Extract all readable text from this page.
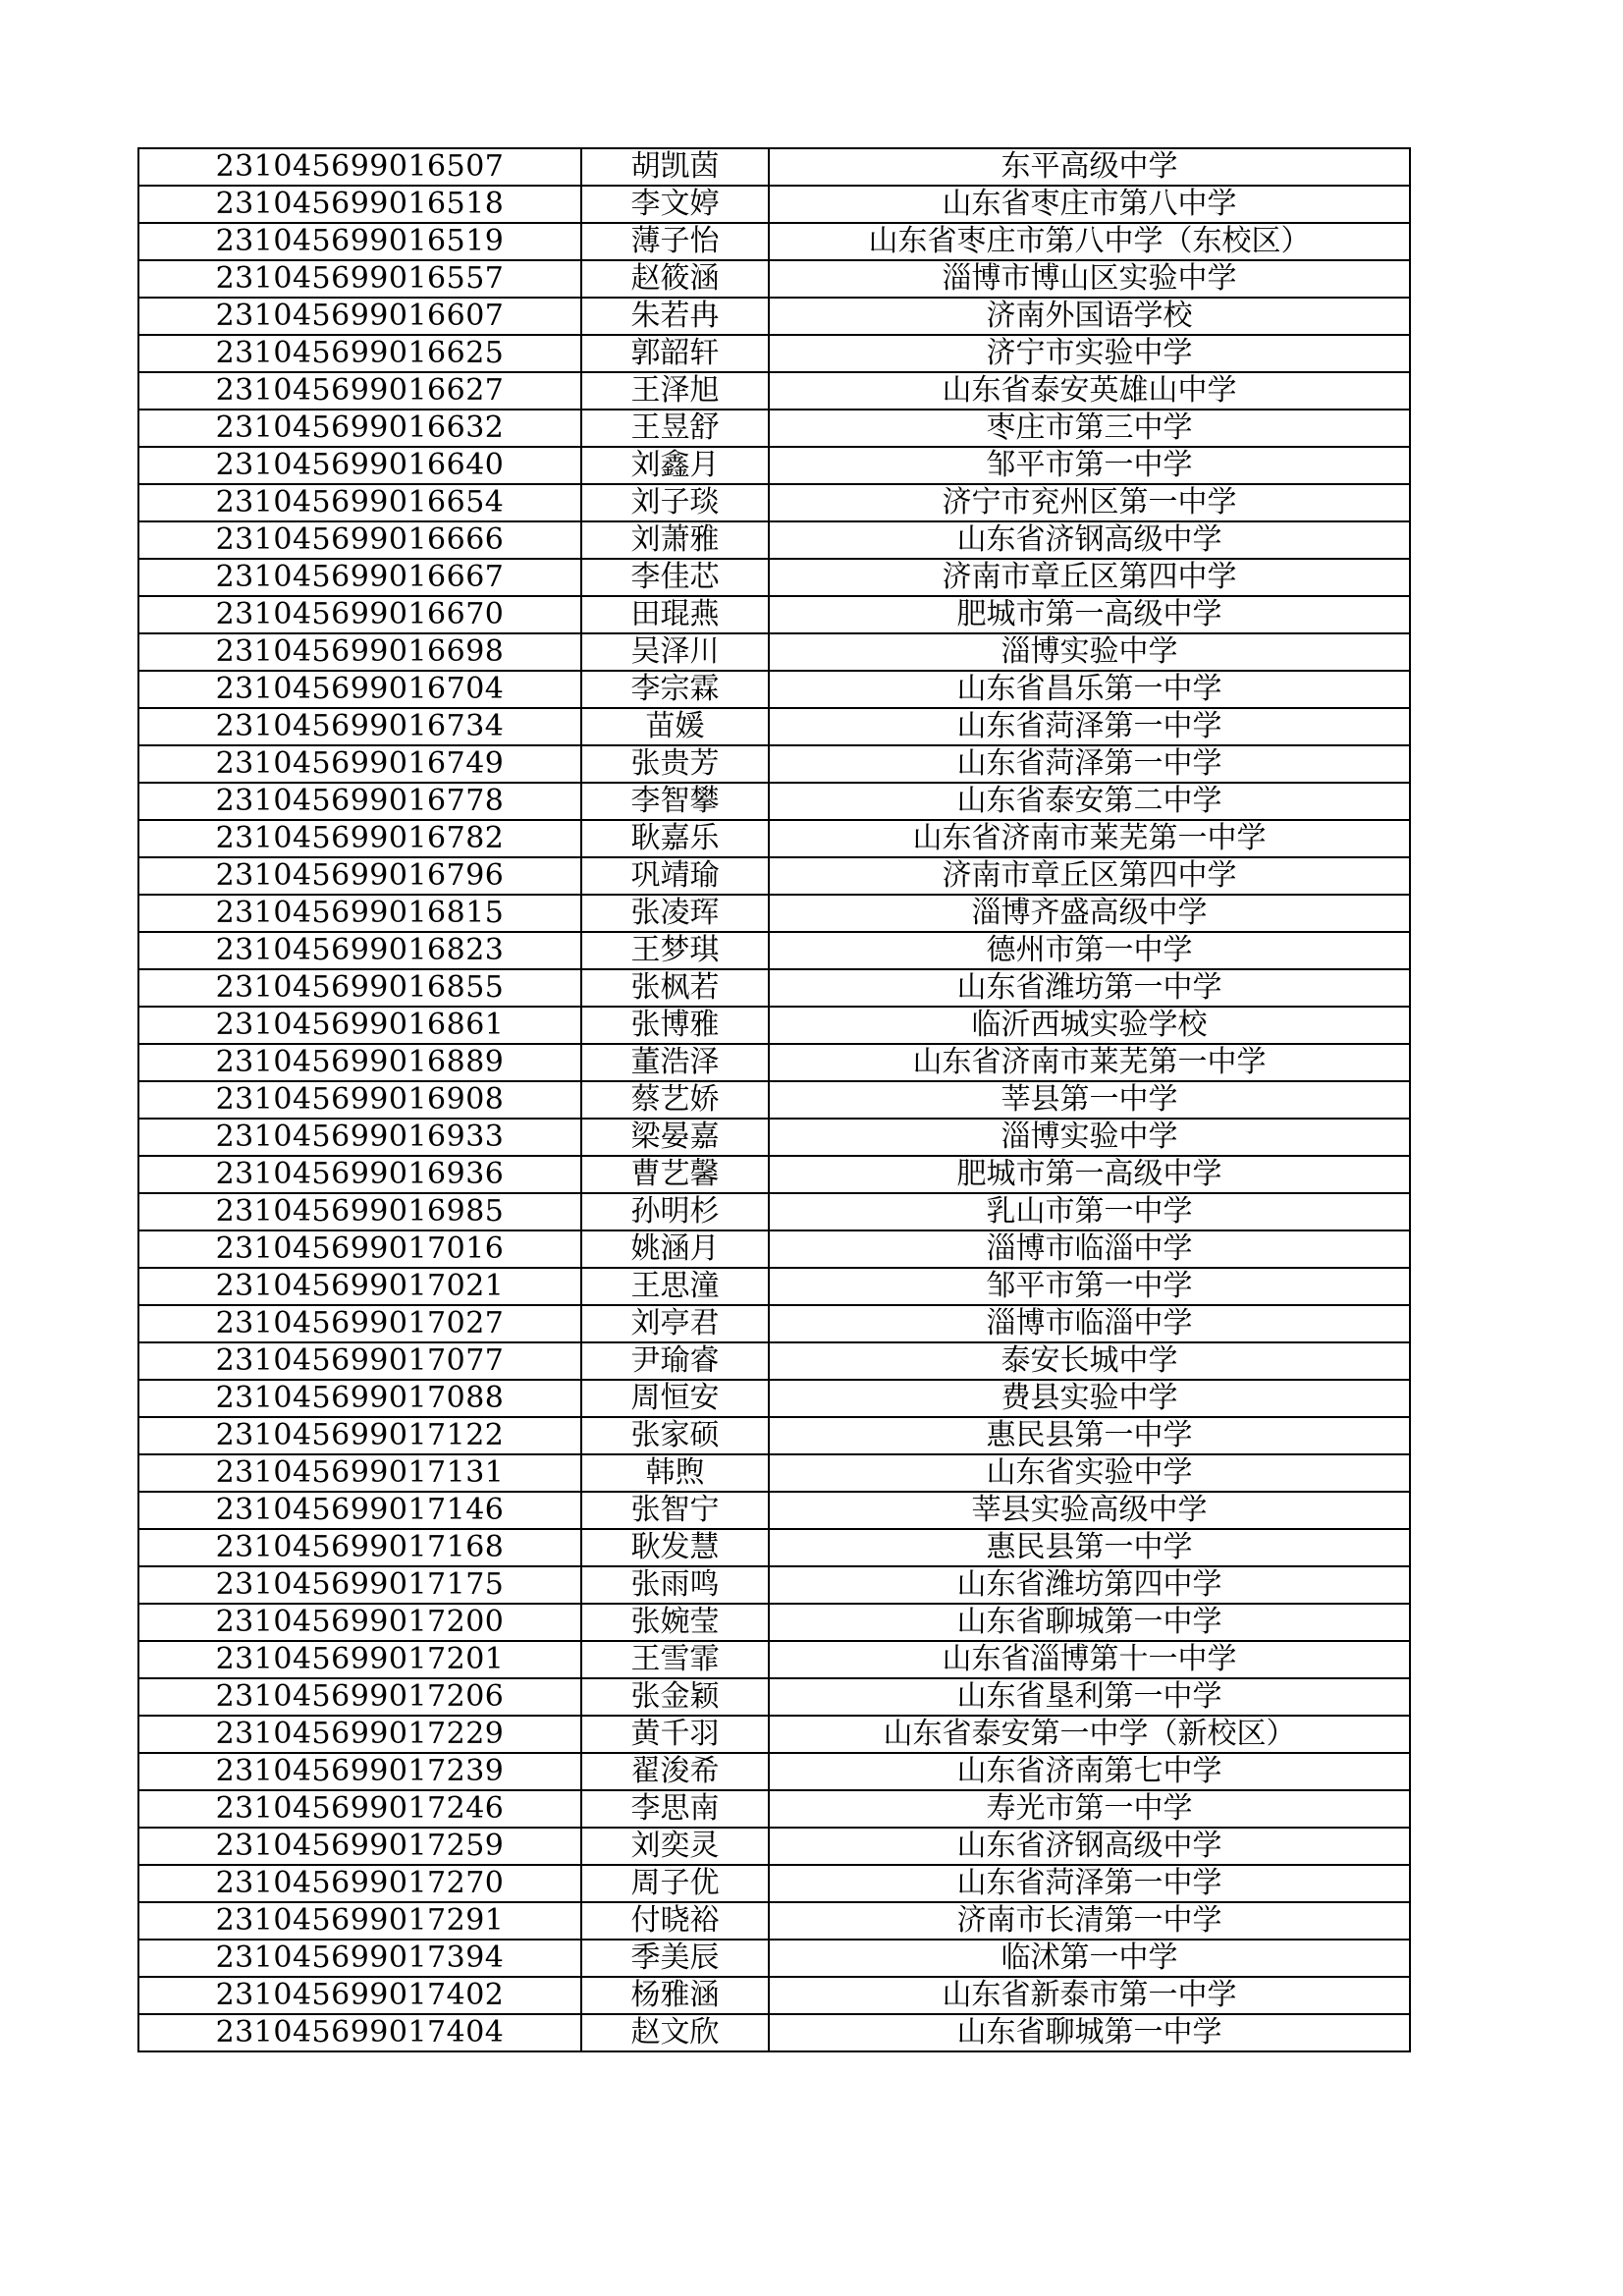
231045699016507	胡凯茵	东平高级中学
231045699016518	李文婷	山东省枣庄市第八中学
231045699016519	薄子怡	山东省枣庄市第八中学（东校区）
231045699016557	赵筱涵	淄博市博山区实验中学
231045699016607	朱若冉	济南外国语学校
231045699016625	郭韶轩	济宁市实验中学
231045699016627	王泽旭	山东省泰安英雄山中学
231045699016632	王昱舒	枣庄市第三中学
231045699016640	刘鑫月	邹平市第一中学
231045699016654	刘子琰	济宁市兖州区第一中学
231045699016666	刘萧雅	山东省济钢高级中学
231045699016667	李佳芯	济南市章丘区第四中学
231045699016670	田琨燕	肥城市第一高级中学
231045699016698	吴泽川	淄博实验中学
231045699016704	李宗霖	山东省昌乐第一中学
231045699016734	苗媛	山东省菏泽第一中学
231045699016749	张贵芳	山东省菏泽第一中学
231045699016778	李智攀	山东省泰安第二中学
231045699016782	耿嘉乐	山东省济南市莱芜第一中学
231045699016796	巩靖瑜	济南市章丘区第四中学
231045699016815	张凌珲	淄博齐盛高级中学
231045699016823	王梦琪	德州市第一中学
231045699016855	张枫若	山东省潍坊第一中学
231045699016861	张博雅	临沂西城实验学校
231045699016889	董浩泽	山东省济南市莱芜第一中学
231045699016908	蔡艺娇	莘县第一中学
231045699016933	梁晏嘉	淄博实验中学
231045699016936	曹艺馨	肥城市第一高级中学
231045699016985	孙明杉	乳山市第一中学
231045699017016	姚涵月	淄博市临淄中学
231045699017021	王思潼	邹平市第一中学
231045699017027	刘亭君	淄博市临淄中学
231045699017077	尹瑜睿	泰安长城中学
231045699017088	周恒安	费县实验中学
231045699017122	张家硕	惠民县第一中学
231045699017131	韩煦	山东省实验中学
231045699017146	张智宁	莘县实验高级中学
231045699017168	耿发慧	惠民县第一中学
231045699017175	张雨鸣	山东省潍坊第四中学
231045699017200	张婉莹	山东省聊城第一中学
231045699017201	王雪霏	山东省淄博第十一中学
231045699017206	张金颖	山东省垦利第一中学
231045699017229	黄千羽	山东省泰安第一中学（新校区）
231045699017239	翟浚希	山东省济南第七中学
231045699017246	李思南	寿光市第一中学
231045699017259	刘奕灵	山东省济钢高级中学
231045699017270	周子优	山东省菏泽第一中学
231045699017291	付晓裕	济南市长清第一中学
231045699017394	季美辰	临沭第一中学
231045699017402	杨雅涵	山东省新泰市第一中学
231045699017404	赵文欣	山东省聊城第一中学
